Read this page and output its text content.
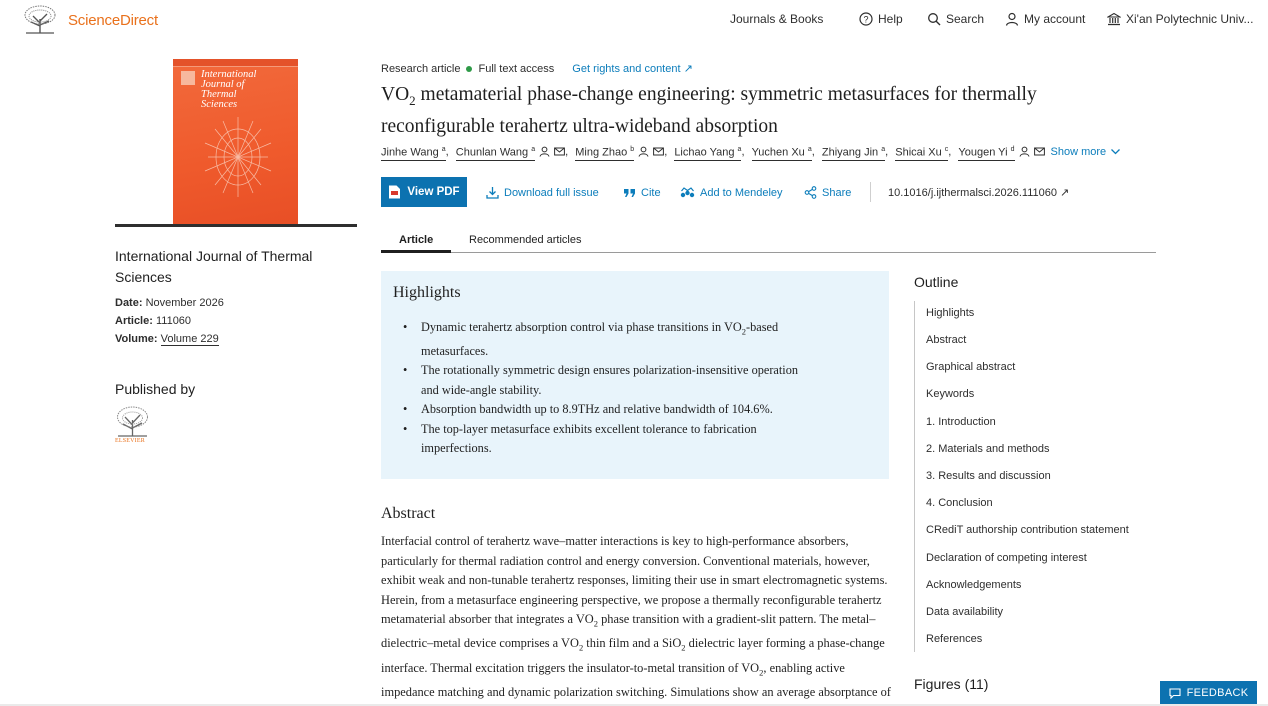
ScienceDirect	Journals & Books	? Help	Search	My account	Xi'an Polytechnic Univ...
International
Journal of
Thermal
Sciences
International Journal of Thermal Sciences
Date: November 2026
Article: 111060
Volume: Volume 229
Published by
ELSEVIER
Research article Full text access Get rights and content ↗
$VO_2$ metamaterial phase-change engineering: symmetric metasurfaces for thermally reconfigurable terahertz ultra-wideband absorption
Jinhe Wang $^a$ , Chunlan Wang $^a$	, Ming Zhao $^b$	, Lichao Yang $^a$ , Yuchen Xu $^a$ , Zhiyang Jin $^a$ , Shicai Xu $^c$ , Yougen Yi $^d$	Show more
View PDF	Download full issue	Cite	Add to Mendeley	Share	10.1016/j.ijthermalsci.2026.111060 ↗
Article	Recommended articles
Highlights
• Dynamic terahertz absorption control via phase transitions in $VO_2$-based metasurfaces.
• The rotationally symmetric design ensures polarization-insensitive operation and wide-angle stability.
• Absorption bandwidth up to 8.9THz and relative bandwidth of 104.6%.
• The top-layer metasurface exhibits excellent tolerance to fabrication imperfections.
Abstract

Interfacial control of terahertz wave–matter interactions is key to high-performance absorbers, particularly for thermal radiation control and energy conversion. Conventional materials, however, exhibit weak and non-tunable terahertz responses, limiting their use in smart electromagnetic systems. Herein, from a metasurface engineering perspective, we propose a thermally reconfigurable terahertz metamaterial absorber that integrates a $VO_2$ phase transition with a gradient-slit pattern. The metal–dielectric–metal device comprises a $VO_2$ thin film and a SiO$_2$ dielectric layer forming a phase-change interface. Thermal excitation triggers the insulator-to-metal transition of $VO_2$, enabling active impedance matching and dynamic polarization switching. Simulations show an average absorptance of

Outline
Highlights
Abstract
Graphical abstract
Keywords
1. Introduction
2. Materials and methods
3. Results and discussion
4. Conclusion
CRediT authorship contribution statement
Declaration of competing interest
Acknowledgements
Data availability
References
Figures (11)
FEEDBACK
